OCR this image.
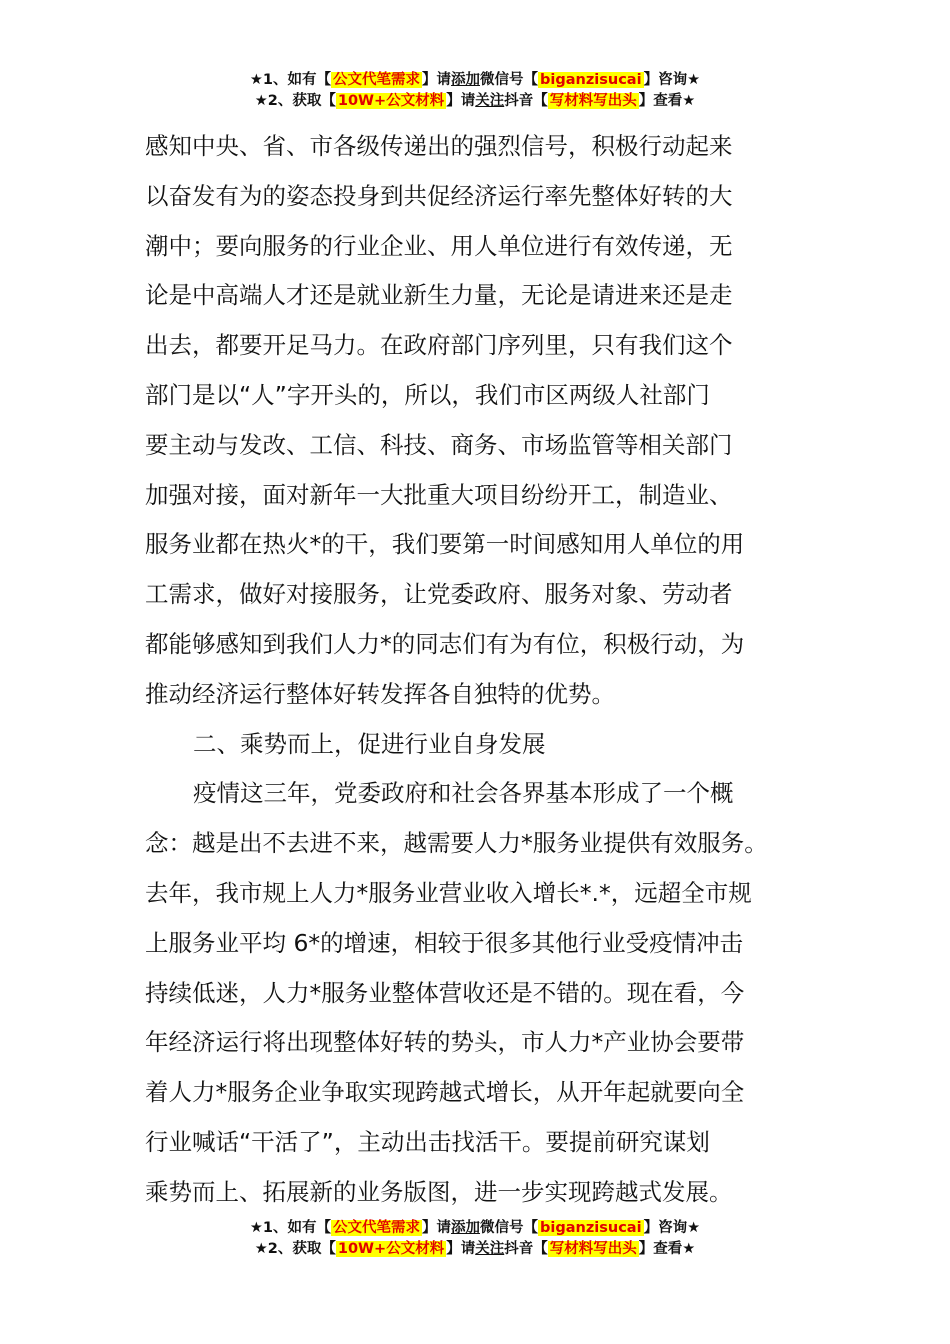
★1、如有【 公文代笔需求 】请添加微信号【 biganzisucai 】咨询★
★2、获取【 10W+公文材料 】请关注抖音【 写材料写出头 】查看★
感知中央、省、市各级传递出的强烈信号，积极行动起来
以奋发有为的姿态投身到共促经济运行率先整体好转的大
潮中；要向服务的行业企业、用人单位进行有效传递，无
论是中高端人才还是就业新生力量，无论是请进来还是走
出去，都要开足马力。在政府部门序列里，只有我们这个
部门是以“人”字开头的，所以，我们市区两级人社部门
要主动与发改、工信、科技、商务、市场监管等相关部门
加强对接，面对新年一大批重大项目纷纷开工，制造业、
服务业都在热火*的干，我们要第一时间感知用人单位的用
工需求，做好对接服务，让党委政府、服务对象、劳动者
都能够感知到我们人力*的同志们有为有位，积极行动，为
推动经济运行整体好转发挥各自独特的优势。
二、乘势而上，促进行业自身发展
疫情这三年，党委政府和社会各界基本形成了一个概
念：越是出不去进不来，越需要人力*服务业提供有效服务。
去年，我市规上人力*服务业营业收入增长*.*，远超全市规
上服务业平均 6*的增速，相较于很多其他行业受疫情冲击
持续低迷，人力*服务业整体营收还是不错的。现在看，今
年经济运行将出现整体好转的势头，市人力*产业协会要带
着人力*服务企业争取实现跨越式增长，从开年起就要向全
行业喊话“干活了”，主动出击找活干。要提前研究谋划
乘势而上、拓展新的业务版图，进一步实现跨越式发展。
★1、如有【 公文代笔需求 】请添加微信号【 biganzisucai 】咨询★
★2、获取【 10W+公文材料 】请关注抖音【 写材料写出头 】查看★
